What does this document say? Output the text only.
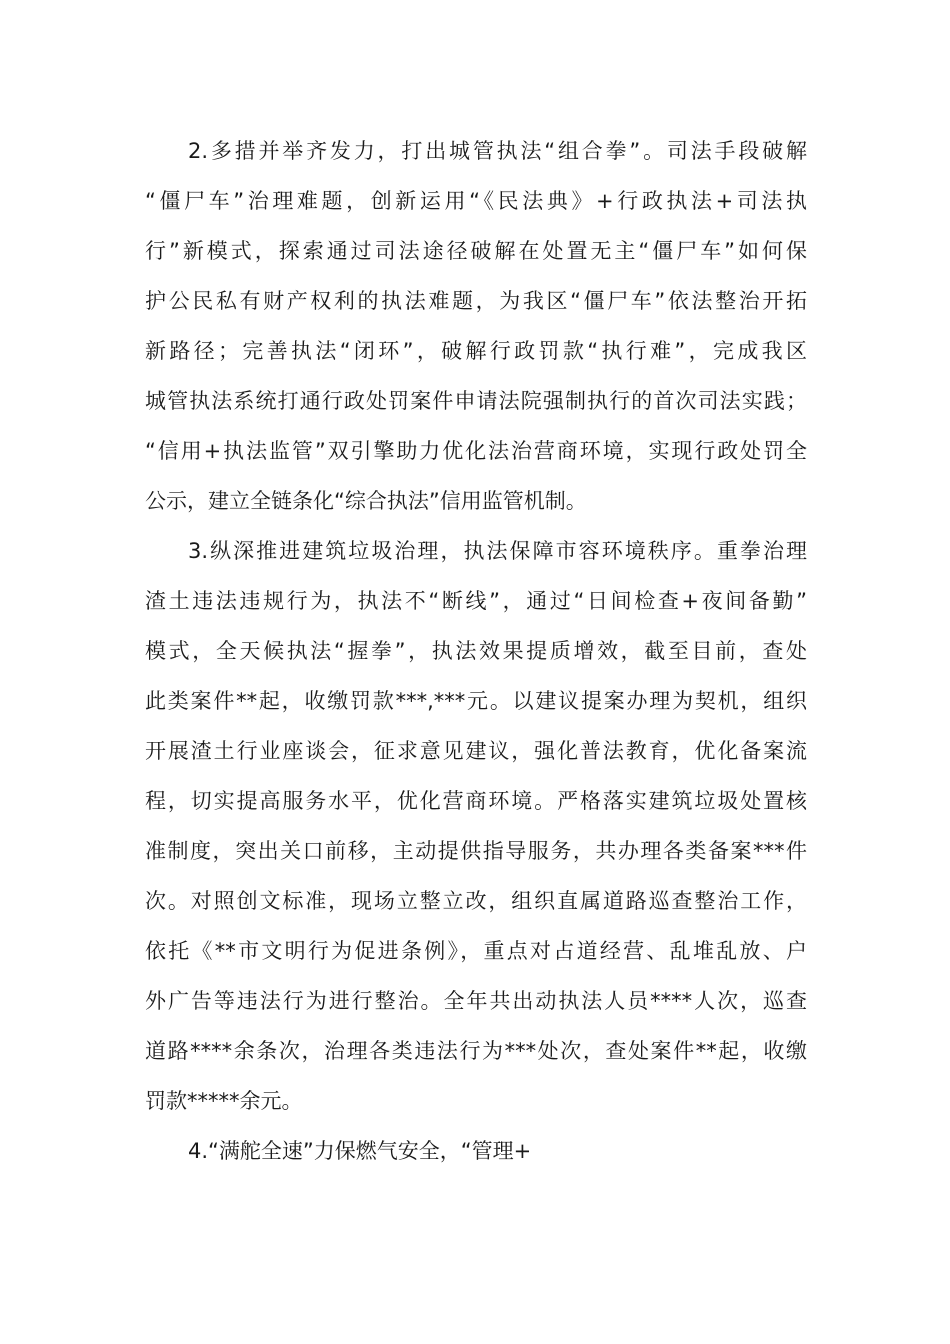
2.多措并举齐发力，打出城管执法“组合拳”。司法手段破解
“僵尸车”治理难题，创新运用“《民法典》+行政执法+司法执
行”新模式，探索通过司法途径破解在处置无主“僵尸车”如何保
护公民私有财产权利的执法难题，为我区“僵尸车”依法整治开拓
新路径；完善执法“闭环”，破解行政罚款“执行难”，完成我区
城管执法系统打通行政处罚案件申请法院强制执行的首次司法实践；
“信用+执法监管”双引擎助力优化法治营商环境，实现行政处罚全
公示，建立全链条化“综合执法”信用监管机制。
3.纵深推进建筑垃圾治理，执法保障市容环境秩序。重拳治理
渣土违法违规行为，执法不“断线”，通过“日间检查+夜间备勤”
模式，全天候执法“握拳”，执法效果提质增效，截至目前，查处
此类案件**起，收缴罚款***,***元。以建议提案办理为契机，组织
开展渣土行业座谈会，征求意见建议，强化普法教育，优化备案流
程，切实提高服务水平，优化营商环境。严格落实建筑垃圾处置核
准制度，突出关口前移，主动提供指导服务，共办理各类备案***件
次。对照创文标准，现场立整立改，组织直属道路巡查整治工作，
依托《**市文明行为促进条例》，重点对占道经营、乱堆乱放、户
外广告等违法行为进行整治。全年共出动执法人员****人次，巡查
道路****余条次，治理各类违法行为***处次，查处案件**起，收缴
罚款*****余元。
4.“满舵全速”力保燃气安全，“管理+
